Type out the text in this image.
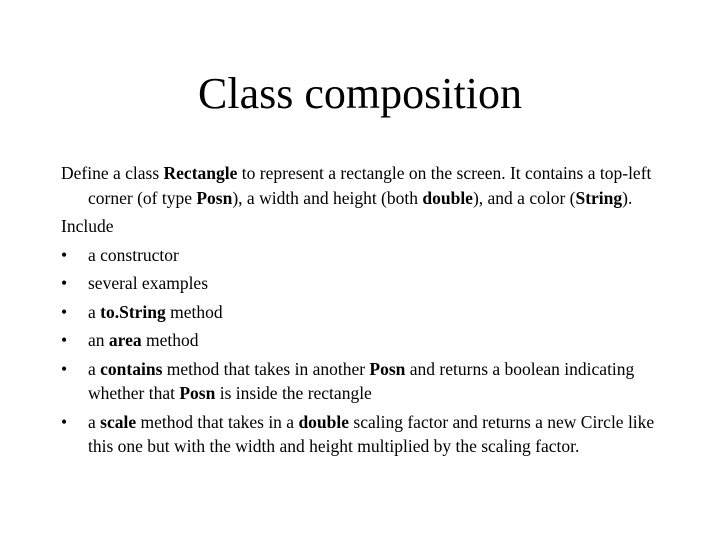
Class composition

Define a class Rectangle to represent a rectangle on the screen. It contains a top-left corner (of type Posn), a width and height (both double), and a color (String).

Include

•	a constructor
•	several examples
•	a to.String method
•	an area method
•	a contains method that takes in another Posn and returns a boolean indicating whether that Posn is inside the rectangle
•	a scale method that takes in a double scaling factor and returns a new Circle like this one but with the width and height multiplied by the scaling factor.
